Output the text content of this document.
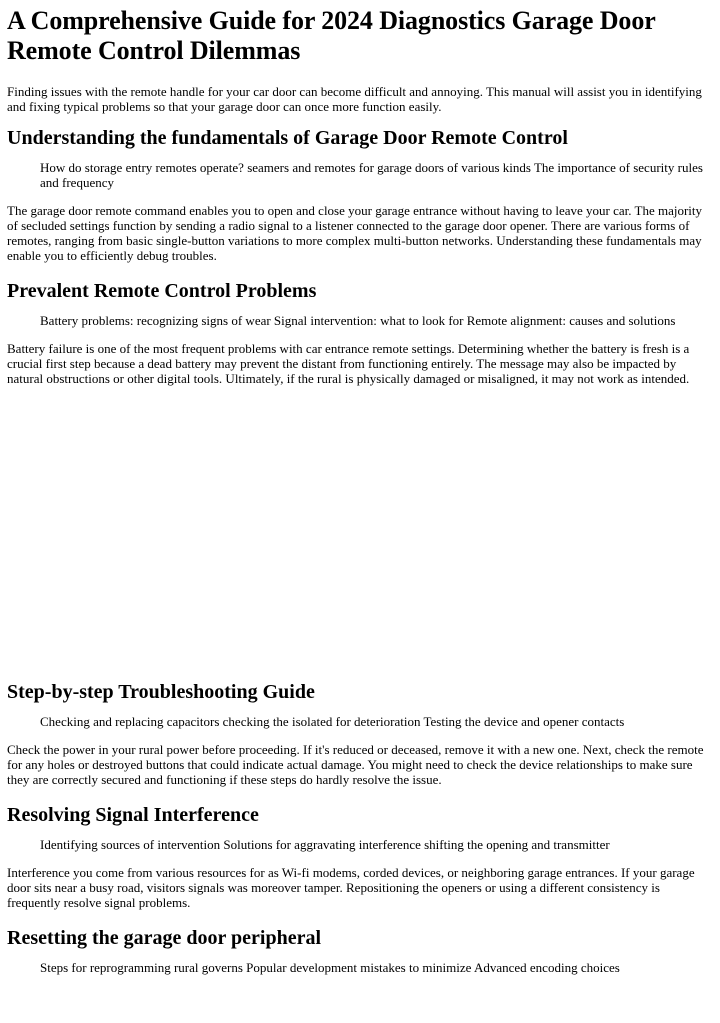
A Comprehensive Guide for 2024 Diagnostics Garage Door Remote Control Dilemmas

Finding issues with the remote handle for your car door can become difficult and annoying. This manual will assist you in identifying and fixing typical problems so that your garage door can once more function easily.

Understanding the fundamentals of Garage Door Remote Control
How do storage entry remotes operate? seamers and remotes for garage doors of various kinds The importance of security rules and frequency

The garage door remote command enables you to open and close your garage entrance without having to leave your car. The majority of secluded settings function by sending a radio signal to a listener connected to the garage door opener. There are various forms of remotes, ranging from basic single-button variations to more complex multi-button networks. Understanding these fundamentals may enable you to efficiently debug troubles.

Prevalent Remote Control Problems
Battery problems: recognizing signs of wear Signal intervention: what to look for Remote alignment: causes and solutions

Battery failure is one of the most frequent problems with car entrance remote settings. Determining whether the battery is fresh is a crucial first step because a dead battery may prevent the distant from functioning entirely. The message may also be impacted by natural obstructions or other digital tools. Ultimately, if the rural is physically damaged or misaligned, it may not work as intended.

Step-by-step Troubleshooting Guide
Checking and replacing capacitors checking the isolated for deterioration Testing the device and opener contacts

Check the power in your rural power before proceeding. If it's reduced or deceased, remove it with a new one. Next, check the remote for any holes or destroyed buttons that could indicate actual damage. You might need to check the device relationships to make sure they are correctly secured and functioning if these steps do hardly resolve the issue.

Resolving Signal Interference
Identifying sources of intervention Solutions for aggravating interference shifting the opening and transmitter

Interference you come from various resources for as Wi-fi modems, corded devices, or neighboring garage entrances. If your garage door sits near a busy road, visitors signals was moreover tamper. Repositioning the openers or using a different consistency is frequently resolve signal problems.

Resetting the garage door peripheral
Steps for reprogramming rural governs Popular development mistakes to minimize Advanced encoding choices
